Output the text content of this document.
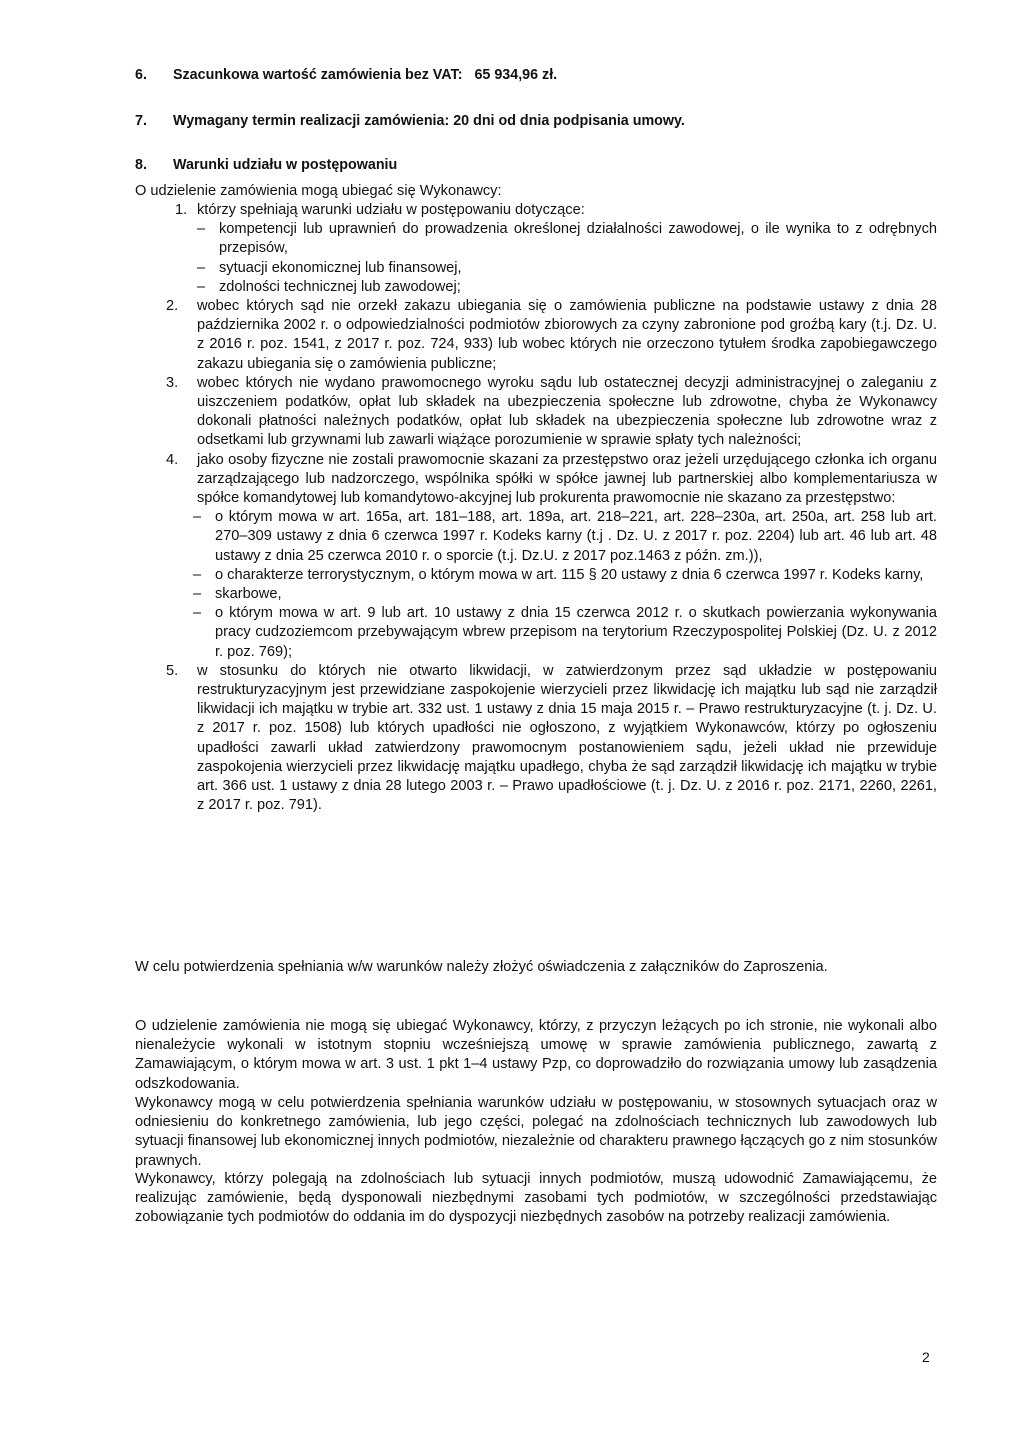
6. Szacunkowa wartość zamówienia bez VAT: 65 934,96 zł.

7. Wymagany termin realizacji zamówienia: 20 dni od dnia podpisania umowy.

8. Warunki udziału w postępowaniu

O udzielenie zamówienia mogą ubiegać się Wykonawcy:

1. którzy spełniają warunki udziału w postępowaniu dotyczące:
– kompetencji lub uprawnień do prowadzenia określonej działalności zawodowej, o ile wynika to z odrębnych przepisów,
– sytuacji ekonomicznej lub finansowej,
– zdolności technicznej lub zawodowej;
2. wobec których sąd nie orzekł zakazu ubiegania się o zamówienia publiczne na podstawie ustawy z dnia 28 października 2002 r. o odpowiedzialności podmiotów zbiorowych za czyny zabronione pod groźbą kary (t.j. Dz. U. z 2016 r. poz. 1541, z 2017 r. poz. 724, 933) lub wobec których nie orzeczono tytułem środka zapobiegawczego zakazu ubiegania się o zamówienia publiczne;
3. wobec których nie wydano prawomocnego wyroku sądu lub ostatecznej decyzji administracyjnej o zaleganiu z uiszczeniem podatków, opłat lub składek na ubezpieczenia społeczne lub zdrowotne, chyba że Wykonawcy dokonali płatności należnych podatków, opłat lub składek na ubezpieczenia społeczne lub zdrowotne wraz z odsetkami lub grzywnami lub zawarli wiążące porozumienie w sprawie spłaty tych należności;
4. jako osoby fizyczne nie zostali prawomocnie skazani za przestępstwo oraz jeżeli urzędującego członka ich organu zarządzającego lub nadzorczego, wspólnika spółki w spółce jawnej lub partnerskiej albo komplementariusza w spółce komandytowej lub komandytowo-akcyjnej lub prokurenta prawomocnie nie skazano za przestępstwo:
– o którym mowa w art. 165a, art. 181–188, art. 189a, art. 218–221, art. 228–230a, art. 250a, art. 258 lub art. 270–309 ustawy z dnia 6 czerwca 1997 r. Kodeks karny (t.j . Dz. U. z 2017 r. poz. 2204) lub art. 46 lub art. 48 ustawy z dnia 25 czerwca 2010 r. o sporcie (t.j. Dz.U. z 2017 poz.1463 z późn. zm.)),
– o charakterze terrorystycznym, o którym mowa w art. 115 § 20 ustawy z dnia 6 czerwca 1997 r. Kodeks karny,
– skarbowe,
– o którym mowa w art. 9 lub art. 10 ustawy z dnia 15 czerwca 2012 r. o skutkach powierzania wykonywania pracy cudzoziemcom przebywającym wbrew przepisom na terytorium Rzeczypospolitej Polskiej (Dz. U. z 2012 r. poz. 769);
5. w stosunku do których nie otwarto likwidacji, w zatwierdzonym przez sąd układzie w postępowaniu restrukturyzacyjnym jest przewidziane zaspokojenie wierzycieli przez likwidację ich majątku lub sąd nie zarządził likwidacji ich majątku w trybie art. 332 ust. 1 ustawy z dnia 15 maja 2015 r. – Prawo restrukturyzacyjne (t. j. Dz. U. z 2017 r. poz. 1508) lub których upadłości nie ogłoszono, z wyjątkiem Wykonawców, którzy po ogłoszeniu upadłości zawarli układ zatwierdzony prawomocnym postanowieniem sądu, jeżeli układ nie przewiduje zaspokojenia wierzycieli przez likwidację majątku upadłego, chyba że sąd zarządził likwidację ich majątku w trybie art. 366 ust. 1 ustawy z dnia 28 lutego 2003 r. – Prawo upadłościowe (t. j. Dz. U. z 2016 r. poz. 2171, 2260, 2261, z 2017 r. poz. 791).

W celu potwierdzenia spełniania w/w warunków należy złożyć oświadczenia z załączników do Zaproszenia.

O udzielenie zamówienia nie mogą się ubiegać Wykonawcy, którzy, z przyczyn leżących po ich stronie, nie wykonali albo nienależycie wykonali w istotnym stopniu wcześniejszą umowę w sprawie zamówienia publicznego, zawartą z Zamawiającym, o którym mowa w art. 3 ust. 1 pkt 1–4 ustawy Pzp, co doprowadziło do rozwiązania umowy lub zasądzenia odszkodowania.

Wykonawcy mogą w celu potwierdzenia spełniania warunków udziału w postępowaniu, w stosownych sytuacjach oraz w odniesieniu do konkretnego zamówienia, lub jego części, polegać na zdolnościach technicznych lub zawodowych lub sytuacji finansowej lub ekonomicznej innych podmiotów, niezależnie od charakteru prawnego łączących go z nim stosunków prawnych.

Wykonawcy, którzy polegają na zdolnościach lub sytuacji innych podmiotów, muszą udowodnić Zamawiającemu, że realizując zamówienie, będą dysponowali niezbędnymi zasobami tych podmiotów, w szczególności przedstawiając zobowiązanie tych podmiotów do oddania im do dyspozycji niezbędnych zasobów na potrzeby realizacji zamówienia.

2
